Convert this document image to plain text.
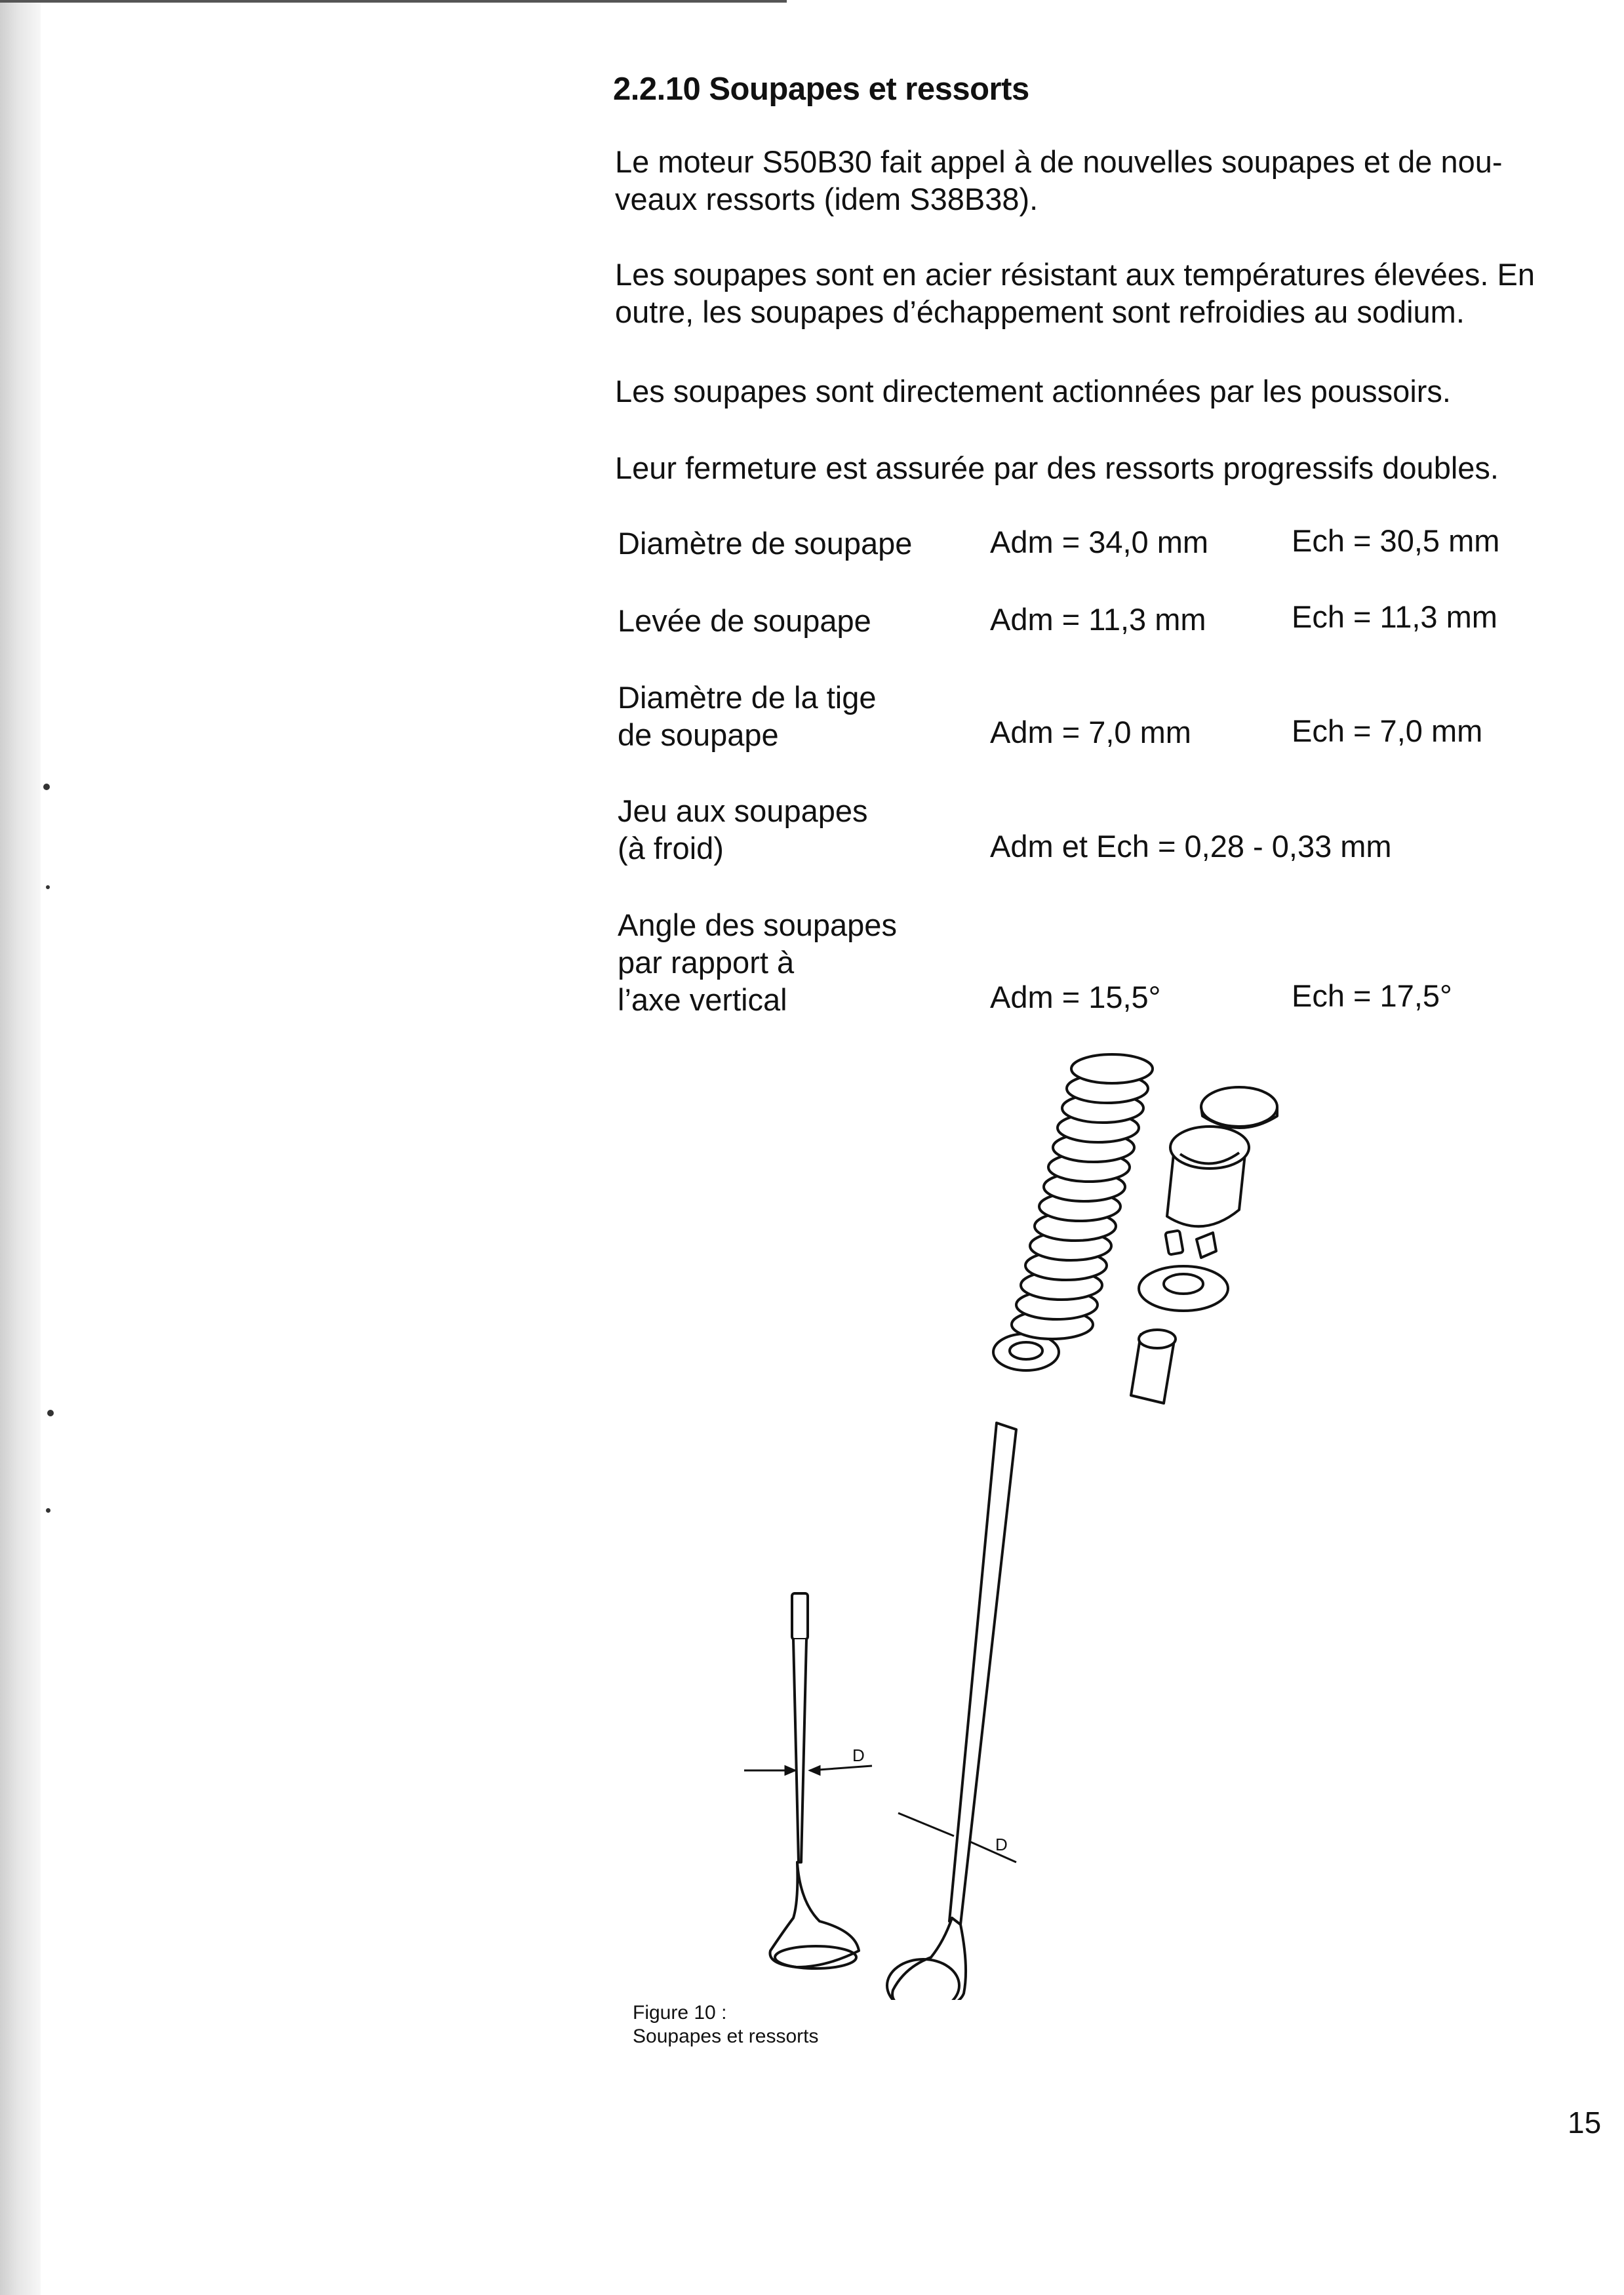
2.2.10 Soupapes et ressorts

Le moteur S50B30 fait appel à de nouvelles soupapes et de nou-
veaux ressorts (idem S38B38).

Les soupapes sont en acier résistant aux températures élevées. En
outre, les soupapes d’échappement sont refroidies au sodium.

Les soupapes sont directement actionnées par les poussoirs.

Leur fermeture est assurée par des ressorts progressifs doubles.

Diamètre de soupape	Adm = 34,0 mm	Ech = 30,5 mm
Levée de soupape	Adm = 11,3 mm	Ech = 11,3 mm
Diamètre de la tige
de soupape	Adm = 7,0 mm	Ech = 7,0 mm
Jeu aux soupapes
(à froid)	Adm et Ech = 0,28 - 0,33 mm
Angle des soupapes
par rapport à
l’axe vertical	Adm = 15,5°	Ech = 17,5°
D
D

Figure 10 :

Soupapes et ressorts

15
